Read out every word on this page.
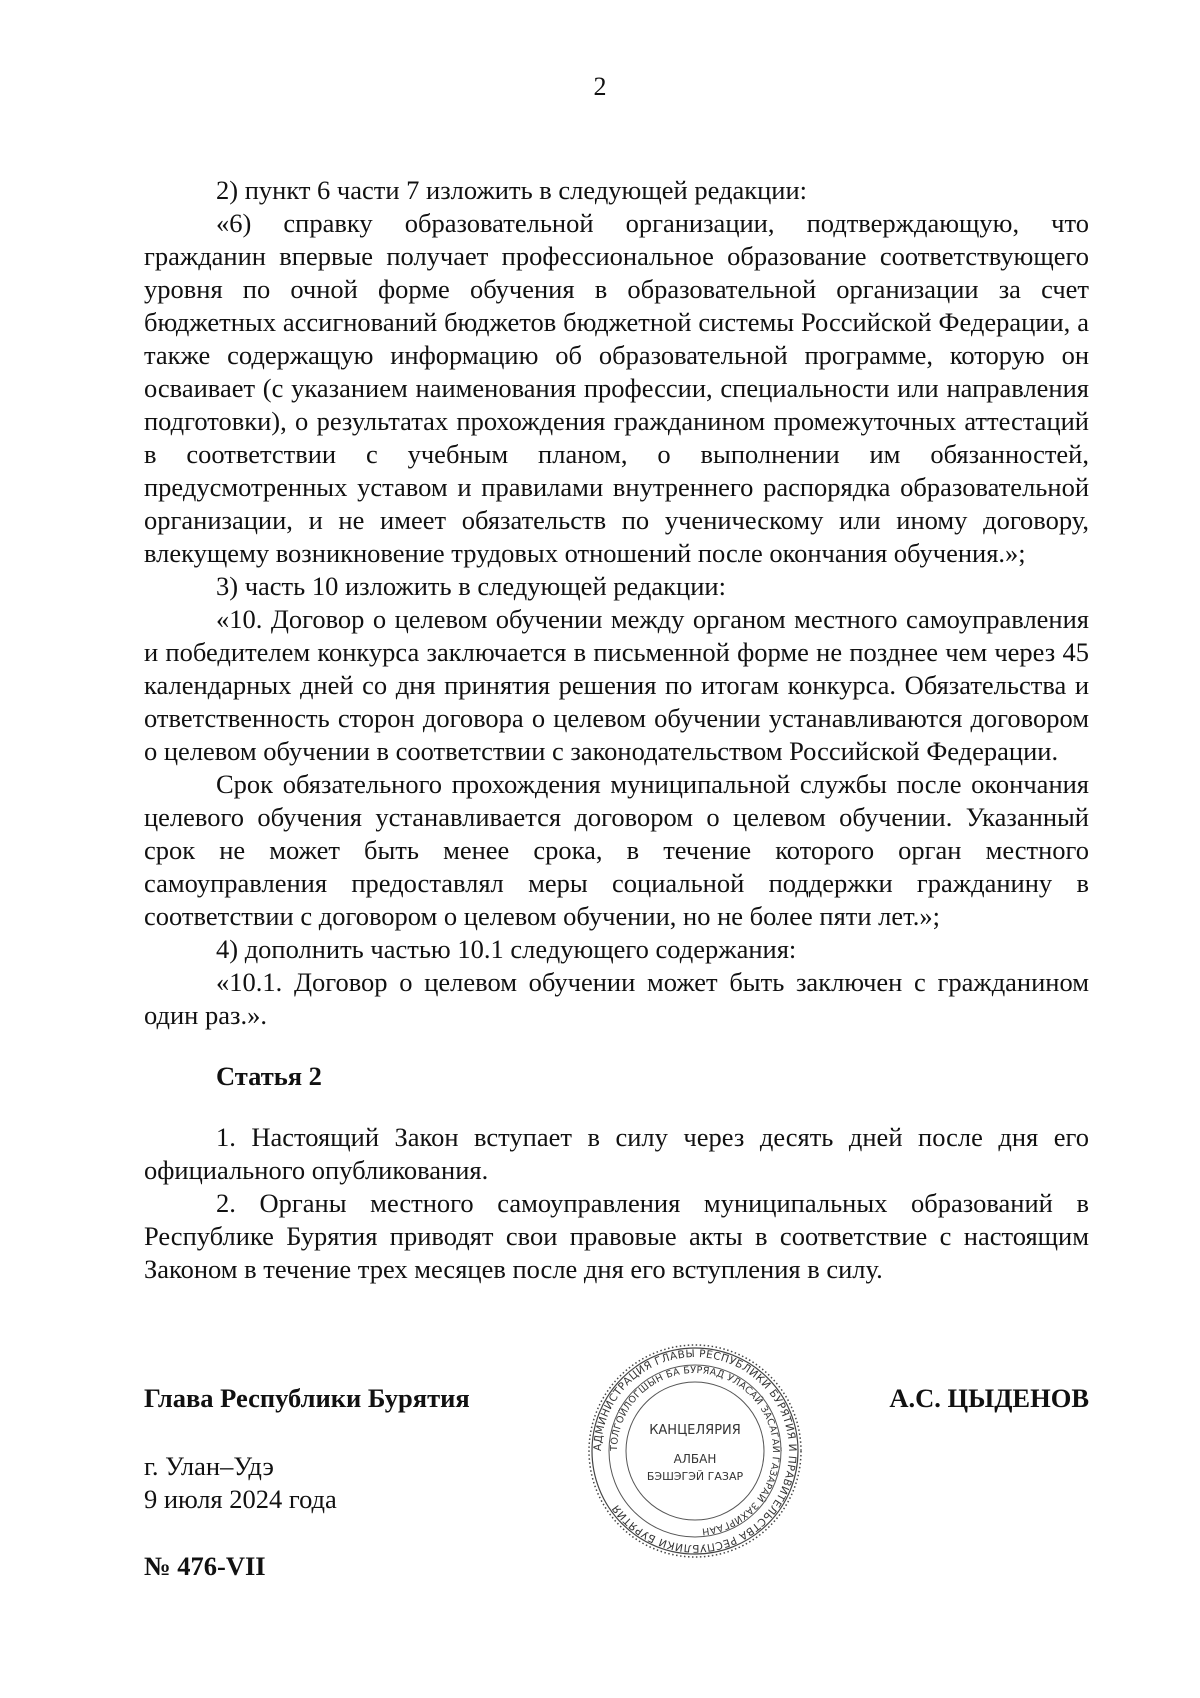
2

2) пункт 6 части 7 изложить в следующей редакции:

«6) справку образовательной организации, подтверждающую, что гражданин впервые получает профессиональное образование соответствующего уровня по очной форме обучения в образовательной организации за счет бюджетных ассигнований бюджетов бюджетной системы Российской Федерации, а также содержащую информацию об образовательной программе, которую он осваивает (с указанием наименования профессии, специальности или направления подготовки), о результатах прохождения гражданином промежуточных аттестаций в соответствии с учебным планом, о выполнении им обязанностей, предусмотренных уставом и правилами внутреннего распорядка образовательной организации, и не имеет обязательств по ученическому или иному договору, влекущему возникновение трудовых отношений после окончания обучения.»;

3) часть 10 изложить в следующей редакции:

«10. Договор о целевом обучении между органом местного самоуправления и победителем конкурса заключается в письменной форме не позднее чем через 45 календарных дней со дня принятия решения по итогам конкурса. Обязательства и ответственность сторон договора о целевом обучении устанавливаются договором о целевом обучении в соответствии с законодательством Российской Федерации.

Срок обязательного прохождения муниципальной службы после окончания целевого обучения устанавливается договором о целевом обучении. Указанный срок не может быть менее срока, в течение которого орган местного самоуправления предоставлял меры социальной поддержки гражданину в соответствии с договором о целевом обучении, но не более пяти лет.»;

4) дополнить частью 10.1 следующего содержания:

«10.1. Договор о целевом обучении может быть заключен с гражданином один раз.».

Статья 2

1. Настоящий Закон вступает в силу через десять дней после дня его официального опубликования.

2. Органы местного самоуправления муниципальных образований в Республике Бурятия приводят свои правовые акты в соответствие с настоящим Законом в течение трех месяцев после дня его вступления в силу.

Глава Республики Бурятия	А.С. ЦЫДЕНОВ
г. Улан–Удэ
9 июля 2024 года
№ 476-VII
АДМИНИСТРАЦИЯ ГЛАВЫ РЕСПУБЛИКИ БУРЯТИЯ И ПРАВИТЕЛЬСТВА РЕСПУБЛИКИ БУРЯТИЯ
ТОЛГОЙЛОГШЫН БА БУРЯАД УЛАСАЙ ЗАСАГАЙ ГАЗАРАЙ ЗАХИРГААН
КАНЦЕЛЯРИЯ
АЛБАН
БЭШЭГЭЙ ГАЗАР
